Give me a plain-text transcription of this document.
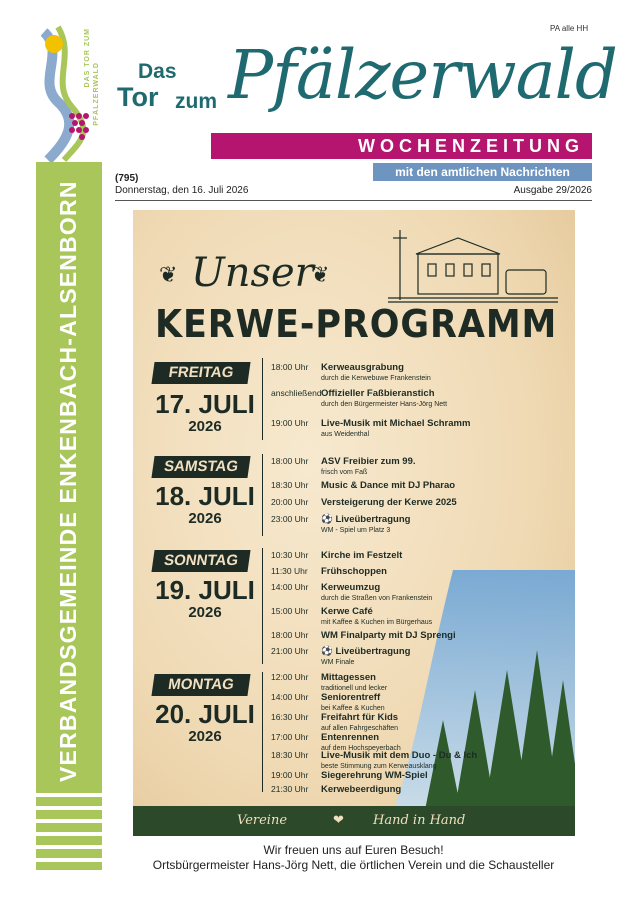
DAS TOR ZUM
PFÄLZERWALD
VERBANDSGEMEINDE ENKENBACH-ALSENBORN
PA alle HH
Das
Tor zum Pfälzerwald
WOCHENZEITUNG
mit den amtlichen Nachrichten
(795)
Donnerstag, den 16. Juli 2026	Ausgabe 29/2026
❦ Unser
❦
KERWE-PROGRAMM
FREITAG
17. JULI
2026
18:00 Uhr Kerweausgrabung
durch die Kerwebuwe Frankenstein
anschließendOffizieller Faßbieranstich
durch den Bürgermeister Hans-Jörg Nett
19:00 Uhr Live-Musik mit Michael Schramm
aus Weidenthal
SAMSTAG
18. JULI
2026
18:00 Uhr ASV Freibier zum 99.
frisch vom Faß
18:30 Uhr Music & Dance mit DJ Pharao
20:00 Uhr Versteigerung der Kerwe 2025
23:00 Uhr ⚽ Liveübertragung
WM - Spiel um Platz 3
SONNTAG
19. JULI
2026
10:30 Uhr Kirche im Festzelt
11:30 Uhr Frühschoppen
14:00 Uhr Kerweumzug
durch die Straßen von Frankenstein
15:00 Uhr Kerwe Café
mit Kaffee & Kuchen im Bürgerhaus
18:00 Uhr WM Finalparty mit DJ Sprengi
21:00 Uhr ⚽ Liveübertragung
WM Finale
MONTAG
20. JULI
2026
12:00 Uhr Mittagessen
traditionell und lecker
14:00 Uhr Seniorentreff
bei Kaffee & Kuchen
16:30 Uhr Freifahrt für Kids
auf allen Fahrgeschäften
17:00 Uhr Entenrennen
auf dem Hochspeyerbach
18:30 Uhr Live-Musik mit dem Duo - Du & Ich
beste Stimmung zum Kerweausklang
19:00 Uhr Siegerehrung WM-Spiel
21:30 Uhr Kerwebeerdigung
Vereine	❤ Hand in Hand
Wir freuen uns auf Euren Besuch!
Ortsbürgermeister Hans-Jörg Nett, die örtlichen Verein und die Schausteller
